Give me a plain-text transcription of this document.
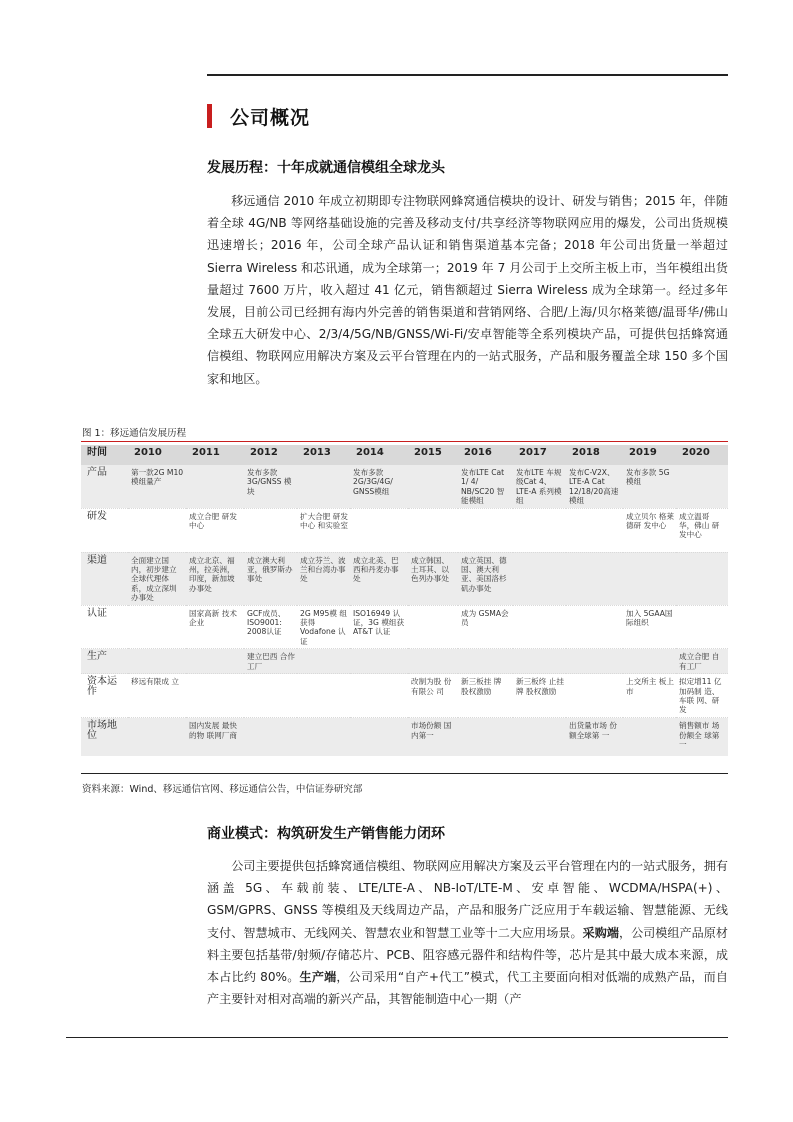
公司概况
发展历程：十年成就通信模组全球龙头

移远通信 2010 年成立初期即专注物联网蜂窝通信模块的设计、研发与销售；2015 年，伴随着全球 4G/NB 等网络基础设施的完善及移动支付/共享经济等物联网应用的爆发，公司出货规模迅速增长；2016 年，公司全球产品认证和销售渠道基本完备；2018 年公司出货量一举超过 Sierra Wireless 和芯讯通，成为全球第一；2019 年 7 月公司于上交所主板上市，当年模组出货量超过 7600 万片，收入超过 41 亿元，销售额超过 Sierra Wireless 成为全球第一。经过多年发展，目前公司已经拥有海内外完善的销售渠道和营销网络、合肥/上海/贝尔格莱德/温哥华/佛山全球五大研发中心、2/3/4/5G/NB/GNSS/Wi-Fi/安卓智能等全系列模块产品，可提供包括蜂窝通信模组、物联网应用解决方案及云平台管理在内的一站式服务，产品和服务覆盖全球 150 多个国家和地区。

图 1：移远通信发展历程
时间	2010	2011	2012	2013	2014	2015	2016	2017	2018	2019	2020
产品	第一款2G M10模组量产		发布多款 3G/GNSS 模块		发布多款 2G/3G/4G/ GNSS模组		发布LTE Cat 1/ 4/ NB/SC20 智能模组	发布LTE 车规级Cat 4、LTE-A 系列模组	发布C-V2X、LTE-A Cat 12/18/20高速模组	发布多款 5G模组	
研发		成立合肥 研发中心		扩大合肥 研发中心 和实验室						成立贝尔 格莱德研 发中心	成立温哥 华，佛山 研发中心
渠道	全面建立国内，初步建立全球代理体系，成立深圳办事处	成立北京、福州，拉美洲，印度，新加坡办事处	成立澳大利亚，俄罗斯办事处	成立芬兰、波兰和台湾办事处	成立北美、巴西和丹麦办事处	成立韩国、土耳其、以色列办事处	成立英国、德国、澳大利亚、美国洛杉矶办事处				
认证		国家高新 技术企业	GCF成员、ISO9001: 2008认证	2G M95模 组获得 Vodafone 认证	ISO16949 认证，3G 模组获 AT&T 认证		成为 GSMA会 员			加入 5GAA国 际组织	
生产			建立巴西 合作工厂								成立合肥 自有工厂
资本运作	移远有限成 立					改制为股 份有限公 司	新三板挂 牌 股权激励	新三板终 止挂牌 股权激励		上交所主 板上市	拟定增11 亿加码制 造、车联 网、研发
市场地位		国内发展 最快的物 联网厂商				市场份额 国内第一			出货量市场 份额全球第 一		销售额市 场份额全 球第一
资料来源：Wind、移远通信官网、移远通信公告，中信证券研究部
商业模式：构筑研发生产销售能力闭环

公司主要提供包括蜂窝通信模组、物联网应用解决方案及云平台管理在内的一站式服务，拥有涵盖 5G、车载前装、LTE/LTE-A、NB-IoT/LTE-M、安卓智能、WCDMA/HSPA(+)、GSM/GPRS、GNSS 等模组及天线周边产品，产品和服务广泛应用于车载运输、智慧能源、无线支付、智慧城市、无线网关、智慧农业和智慧工业等十二大应用场景。采购端，公司模组产品原材料主要包括基带/射频/存储芯片、PCB、阻容感元器件和结构件等，芯片是其中最大成本来源，成本占比约 80%。生产端，公司采用“自产+代工”模式，代工主要面向相对低端的成熟产品，而自产主要针对相对高端的新兴产品，其智能制造中心一期（产
